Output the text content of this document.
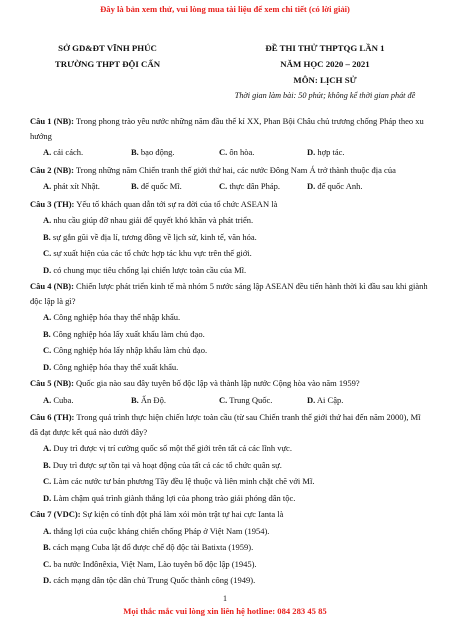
Đây là bản xem thử, vui lòng mua tài liệu để xem chi tiết (có lời giải)
SỞ GD&ĐT VĨNH PHÚC
TRƯỜNG THPT ĐỘI CẤN
ĐỀ THI THỬ THPTQG LẦN 1
NĂM HỌC 2020 – 2021
MÔN: LỊCH SỬ
Thời gian làm bài: 50 phút; không kể thời gian phát đề
Câu 1 (NB): Trong phong trào yêu nước những năm đầu thế kỉ XX, Phan Bội Châu chủ trương chống Pháp theo xu hướng
A. cải cách.	B. bạo động.	C. ôn hòa.	D. hợp tác.
Câu 2 (NB): Trong những năm Chiến tranh thế giới thứ hai, các nước Đông Nam Á trở thành thuộc địa của
A. phát xít Nhật.	B. đế quốc Mĩ.	C. thực dân Pháp.	D. đế quốc Anh.
Câu 3 (TH): Yếu tố khách quan dẫn tới sự ra đời của tổ chức ASEAN là
A. nhu cầu giúp đỡ nhau giải để quyết khó khăn và phát triển.
B. sự gắn gũi về địa lí, tương đồng về lịch sử, kinh tế, văn hóa.
C. sự xuất hiện của các tổ chức hợp tác khu vực trên thế giới.
D. có chung mục tiêu chống lại chiến lược toàn cầu của Mĩ.
Câu 4 (NB): Chiến lược phát triển kinh tế mà nhóm 5 nước sáng lập ASEAN đều tiến hành thời kì đầu sau khi giành độc lập là gì?
A. Công nghiệp hóa thay thế nhập khẩu.
B. Công nghiệp hóa lấy xuất khẩu làm chủ đạo.
C. Công nghiệp hóa lấy nhập khẩu làm chủ đạo.
D. Công nghiệp hóa thay thế xuất khẩu.
Câu 5 (NB): Quốc gia nào sau đây tuyên bố độc lập và thành lập nước Cộng hòa vào năm 1959?
A. Cuba.	B. Ấn Độ.	C. Trung Quốc.	D. Ai Cập.
Câu 6 (TH): Trong quá trình thực hiện chiến lược toàn cầu (từ sau Chiến tranh thế giới thứ hai đến năm 2000), Mĩ đã đạt được kết quả nào dưới đây?
A. Duy trì được vị trí cường quốc số một thế giới trên tất cả các lĩnh vực.
B. Duy trì được sự tồn tại và hoạt động của tất cả các tổ chức quân sự.
C. Làm các nước tư bản phương Tây đều lệ thuộc và liên minh chặt chẽ với Mĩ.
D. Làm chậm quá trình giành thắng lợi của phong trào giải phóng dân tộc.
Câu 7 (VDC): Sự kiện có tính đột phá làm xói mòn trật tự hai cực Ianta là
A. thắng lợi của cuộc kháng chiến chống Pháp ở Việt Nam (1954).
B. cách mạng Cuba lật đổ được chế độ độc tài Batixta (1959).
C. ba nước Inđônêxia, Việt Nam, Lào tuyên bố độc lập (1945).
D. cách mạng dân tộc dân chủ Trung Quốc thành công (1949).
1
Mọi thắc mắc vui lòng xin liên hệ hotline: 084 283 45 85
